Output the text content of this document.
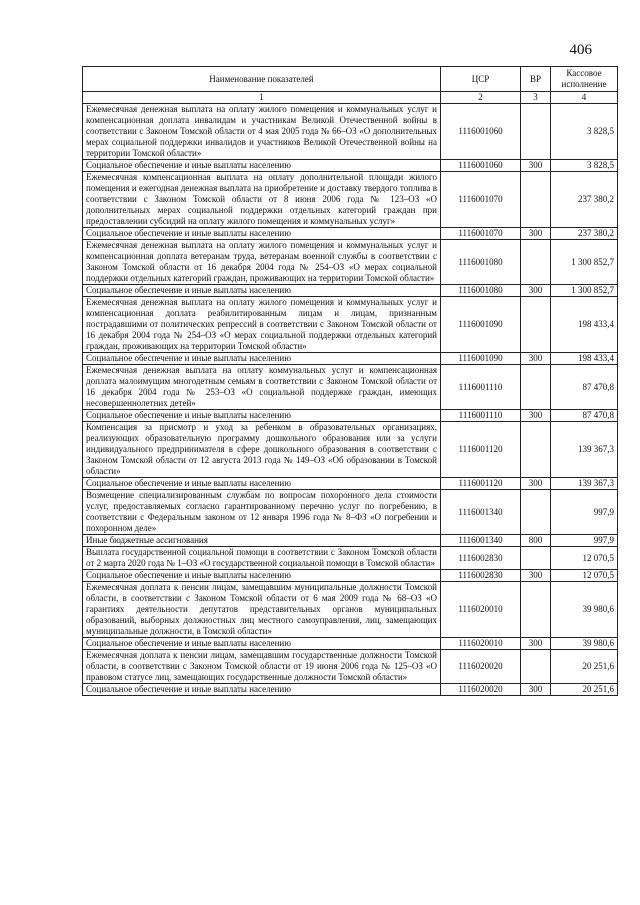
406
Наименование показателей	ЦСР	ВР	Кассовое исполнение
1	2	3	4
Ежемесячная денежная выплата на оплату жилого помещения и коммунальных услуг и компенсационная доплата инвалидам и участникам Великой Отечественной войны в соответствии с Законом Томской области от 4 мая 2005 года № 66–ОЗ «О дополнительных мерах социальной поддержки инвалидов и участников Великой Отечественной войны на территории Томской области»	1116001060		3 828,5
Социальное обеспечение и иные выплаты населению	1116001060	300	3 828,5
Ежемесячная компенсационная выплата на оплату дополнительной площади жилого помещения и ежегодная денежная выплата на приобретение и доставку твердого топлива в соответствии с Законом Томской области от 8 июня 2006 года № 123–ОЗ «О дополнительных мерах социальной поддержки отдельных категорий граждан при предоставлении субсидий на оплату жилого помещения и коммунальных услуг»	1116001070		237 380,2
Социальное обеспечение и иные выплаты населению	1116001070	300	237 380,2
Ежемесячная денежная выплата на оплату жилого помещения и коммунальных услуг и компенсационная доплата ветеранам труда, ветеранам военной службы в соответствии с Законом Томской области от 16 декабря 2004 года № 254–ОЗ «О мерах социальной поддержки отдельных категорий граждан, проживающих на территории Томской области»	1116001080		1 300 852,7
Социальное обеспечение и иные выплаты населению	1116001080	300	1 300 852,7
Ежемесячная денежная выплата на оплату жилого помещения и коммунальных услуг и компенсационная доплата реабилитированным лицам и лицам, признанным пострадавшими от политических репрессий в соответствии с Законом Томской области от 16 декабря 2004 года № 254–ОЗ «О мерах социальной поддержки отдельных категорий граждан, проживающих на территории Томской области»	1116001090		198 433,4
Социальное обеспечение и иные выплаты населению	1116001090	300	198 433,4
Ежемесячная денежная выплата на оплату коммунальных услуг и компенсационная доплата малоимущим многодетным семьям в соответствии с Законом Томской области от 16 декабря 2004 года № 253–ОЗ «О социальной поддержке граждан, имеющих несовершеннолетних детей»	1116001110		87 470,8
Социальное обеспечение и иные выплаты населению	1116001110	300	87 470,8
Компенсация за присмотр и уход за ребенком в образовательных организациях, реализующих образовательную программу дошкольного образования или за услуги индивидуального предпринимателя в сфере дошкольного образования в соответствии с Законом Томской области от 12 августа 2013 года № 149–ОЗ «Об образовании в Томской области»	1116001120		139 367,3
Социальное обеспечение и иные выплаты населению	1116001120	300	139 367,3
Возмещение специализированным службам по вопросам похоронного дела стоимости услуг, предоставляемых согласно гарантированному перечню услуг по погребению, в соответствии с Федеральным законом от 12 января 1996 года № 8–ФЗ «О погребении и похоронном деле»	1116001340		997,9
Иные бюджетные ассигнования	1116001340	800	997,9
Выплата государственной социальной помощи в соответствии с Законом Томской области от 2 марта 2020 года № 1–ОЗ «О государственной социальной помощи в Томской области»	1116002830		12 070,5
Социальное обеспечение и иные выплаты населению	1116002830	300	12 070,5
Ежемесячная доплата к пенсии лицам, замещавшим муниципальные должности Томской области, в соответствии с Законом Томской области от 6 мая 2009 года № 68–ОЗ «О гарантиях деятельности депутатов представительных органов муниципальных образований, выборных должностных лиц местного самоуправления, лиц, замещающих муниципальные должности, в Томской области»	1116020010		39 980,6
Социальное обеспечение и иные выплаты населению	1116020010	300	39 980,6
Ежемесячная доплата к пенсии лицам, замещавшим государственные должности Томской области, в соответствии с Законом Томской области от 19 июня 2006 года № 125–ОЗ «О правовом статусе лиц, замещающих государственные должности Томской области»	1116020020		20 251,6
Социальное обеспечение и иные выплаты населению	1116020020	300	20 251,6
